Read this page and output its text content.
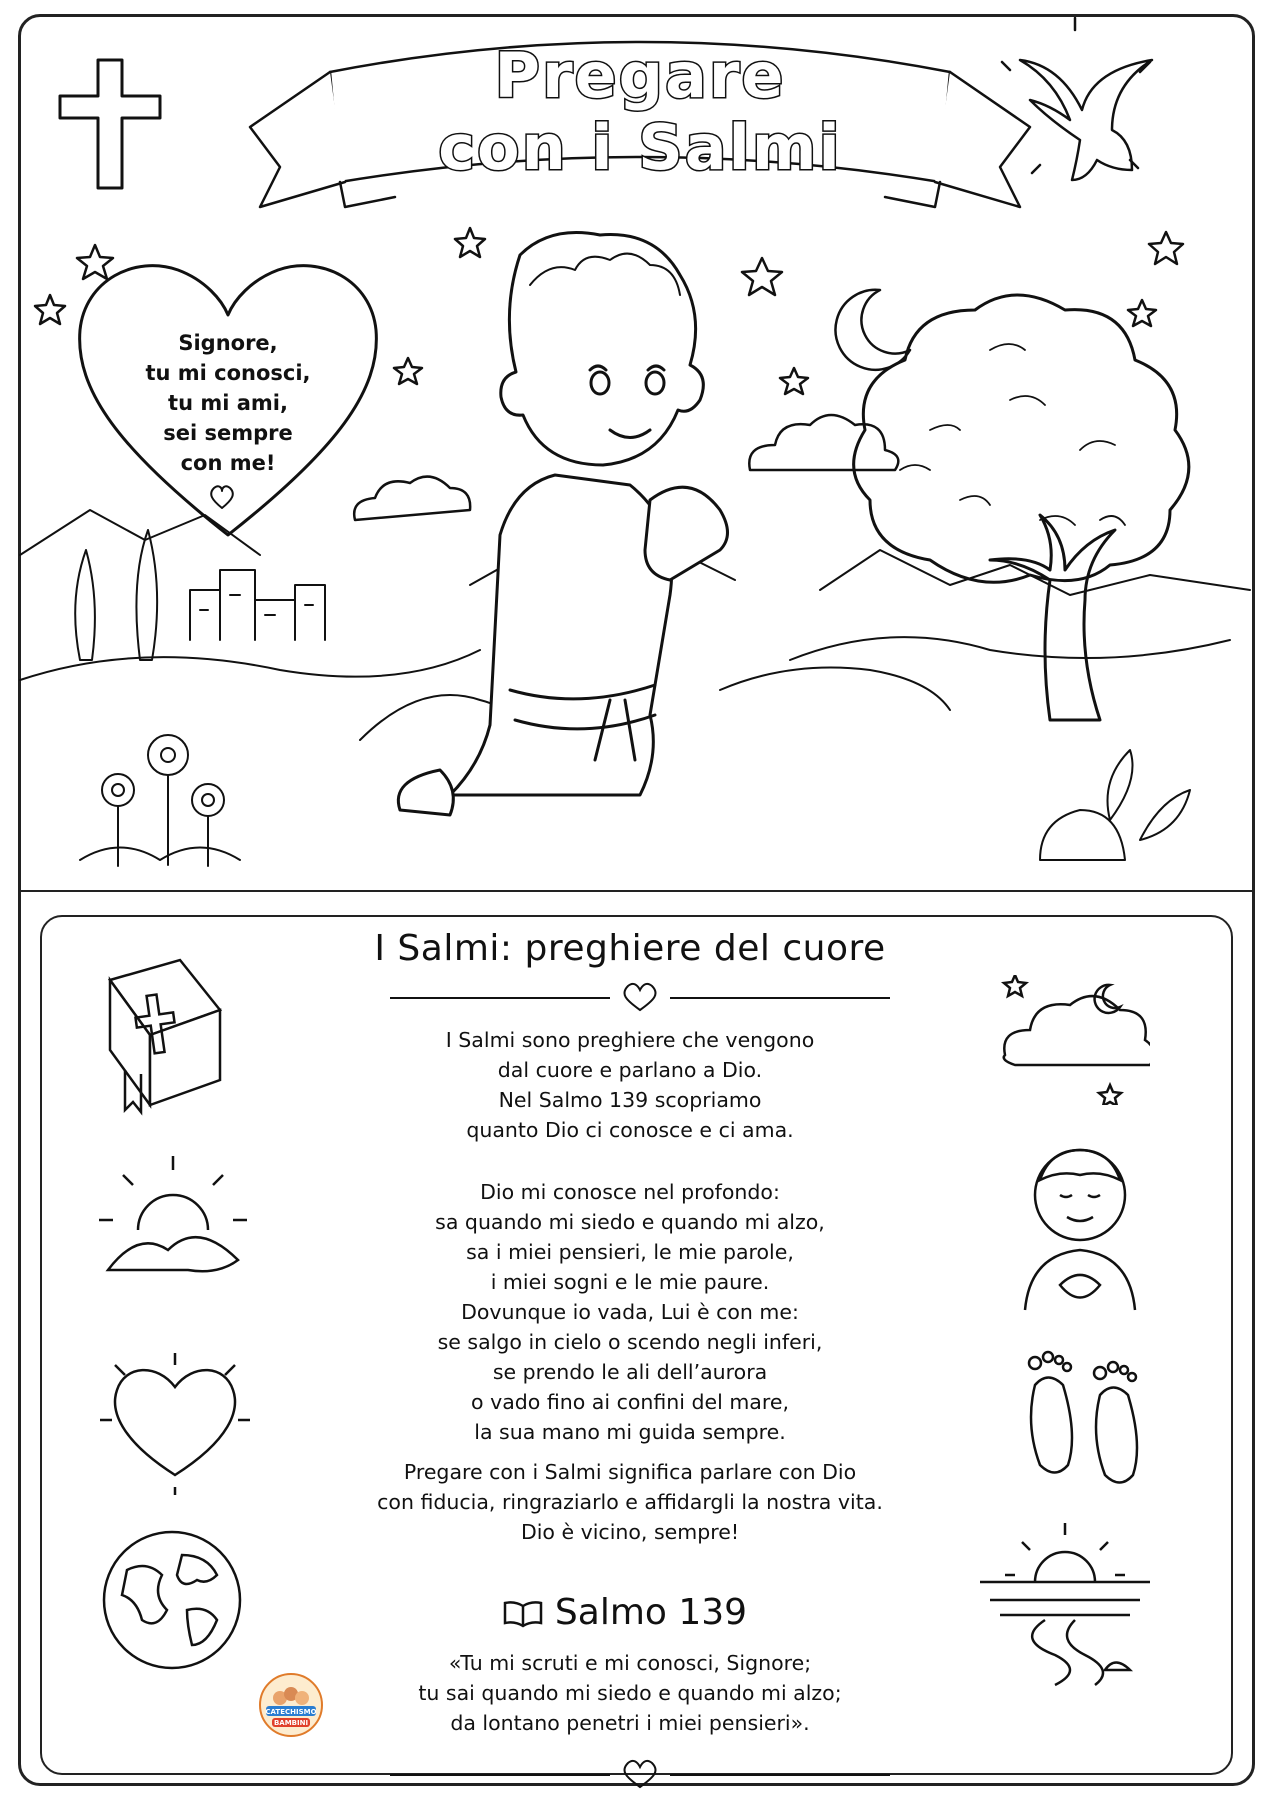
Pregare
con i Salmi
Signore,
tu mi conosci,
tu mi ami,
sei sempre
con me!
I Salmi: preghiere del cuore
I Salmi sono preghiere che vengono
dal cuore e parlano a Dio.
Nel Salmo 139 scopriamo
quanto Dio ci conosce e ci ama.
Dio mi conosce nel profondo:
sa quando mi siedo e quando mi alzo,
sa i miei pensieri, le mie parole,
i miei sogni e le mie paure.
Dovunque io vada, Lui è con me:
se salgo in cielo o scendo negli inferi,
se prendo le ali dell’aurora
o vado fino ai confini del mare,
la sua mano mi guida sempre.
Pregare con i Salmi significa parlare con Dio
con fiducia, ringraziarlo e affidargli la nostra vita.
Dio è vicino, sempre!
Salmo 139
«Tu mi scruti e mi conosci, Signore;
tu sai quando mi siedo e quando mi alzo;
da lontano penetri i miei pensieri».
CATECHISMO
BAMBINI
